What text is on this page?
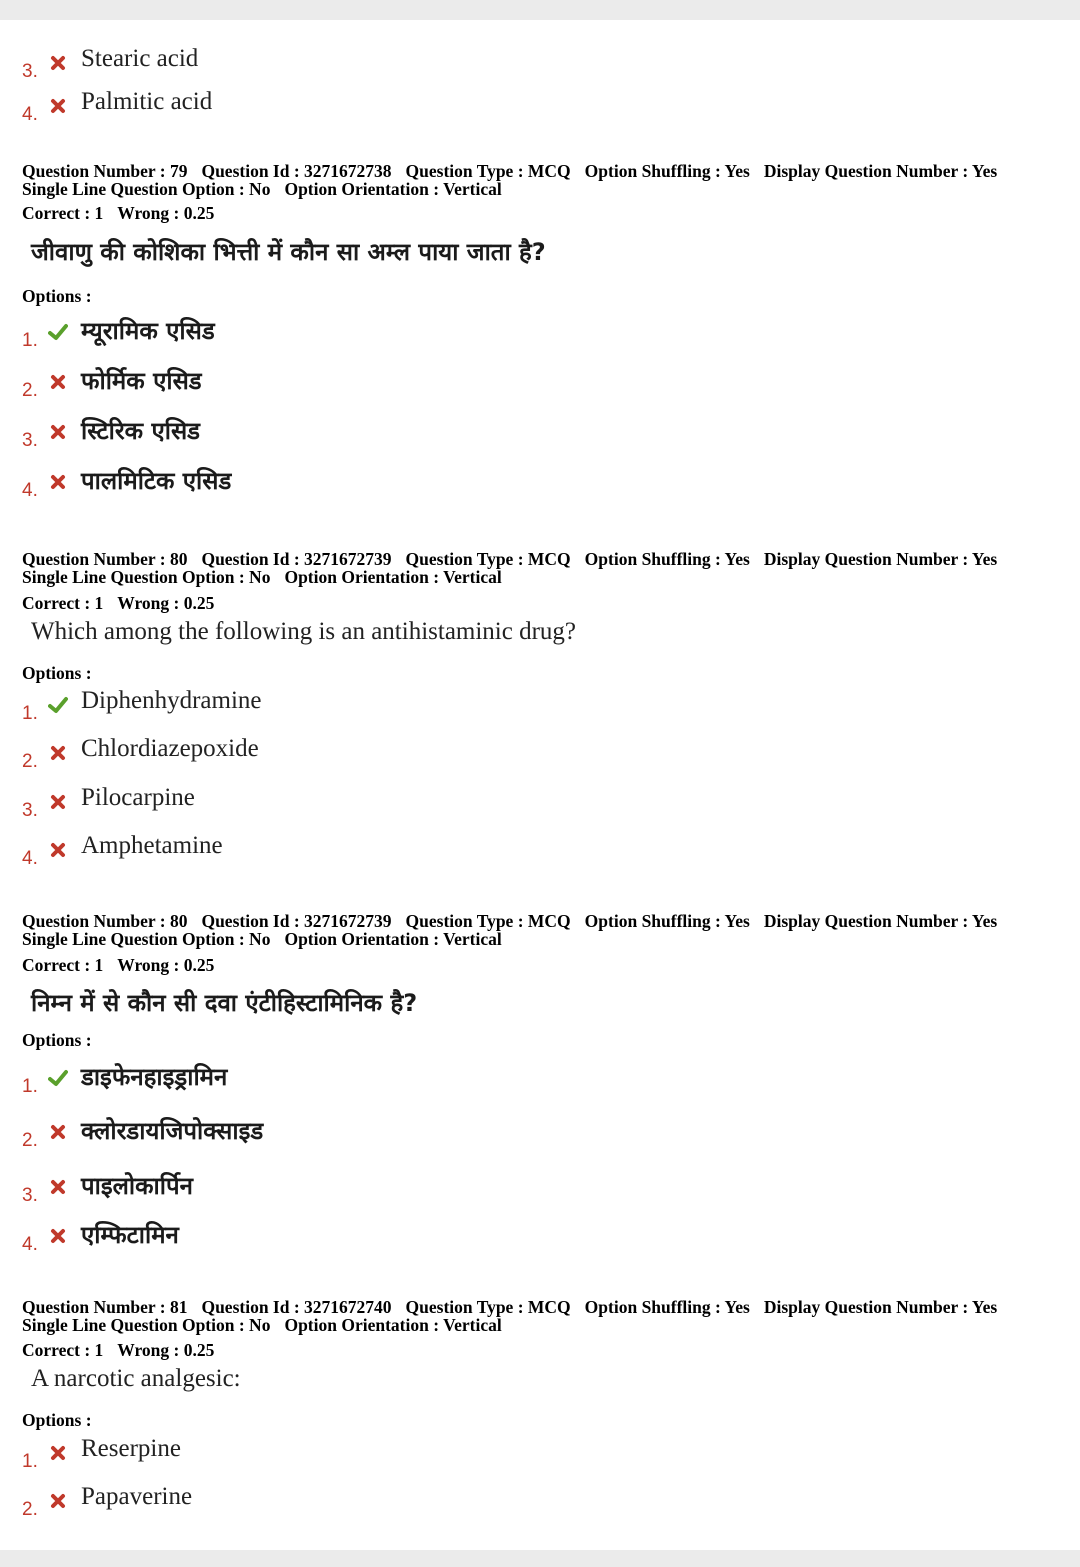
3. Stearic acid
4. Palmitic acid
Question Number : 79 Question Id : 3271672738 Question Type : MCQ Option Shuffling : Yes Display Question Number : Yes
Single Line Question Option : No Option Orientation : Vertical
Correct : 1 Wrong : 0.25
जीवाणु की कोशिका भित्ती में कौन सा अम्ल पाया जाता है?
Options :
1. म्यूरामिक एसिड
2. फोर्मिक एसिड
3. स्टिरिक एसिड
4. पालमिटिक एसिड
Question Number : 80 Question Id : 3271672739 Question Type : MCQ Option Shuffling : Yes Display Question Number : Yes
Single Line Question Option : No Option Orientation : Vertical
Correct : 1 Wrong : 0.25
Which among the following is an antihistaminic drug?
Options :
1. Diphenhydramine
2. Chlordiazepoxide
3. Pilocarpine
4. Amphetamine
Question Number : 80 Question Id : 3271672739 Question Type : MCQ Option Shuffling : Yes Display Question Number : Yes
Single Line Question Option : No Option Orientation : Vertical
Correct : 1 Wrong : 0.25
निम्न में से कौन सी दवा एंटीहिस्टामिनिक है?
Options :
1. डाइफेनहाइड्रामिन
2. क्लोरडायजिपोक्साइड
3. पाइलोकार्पिन
4. एम्फिटामिन
Question Number : 81 Question Id : 3271672740 Question Type : MCQ Option Shuffling : Yes Display Question Number : Yes
Single Line Question Option : No Option Orientation : Vertical
Correct : 1 Wrong : 0.25
A narcotic analgesic:
Options :
1. Reserpine
2. Papaverine
